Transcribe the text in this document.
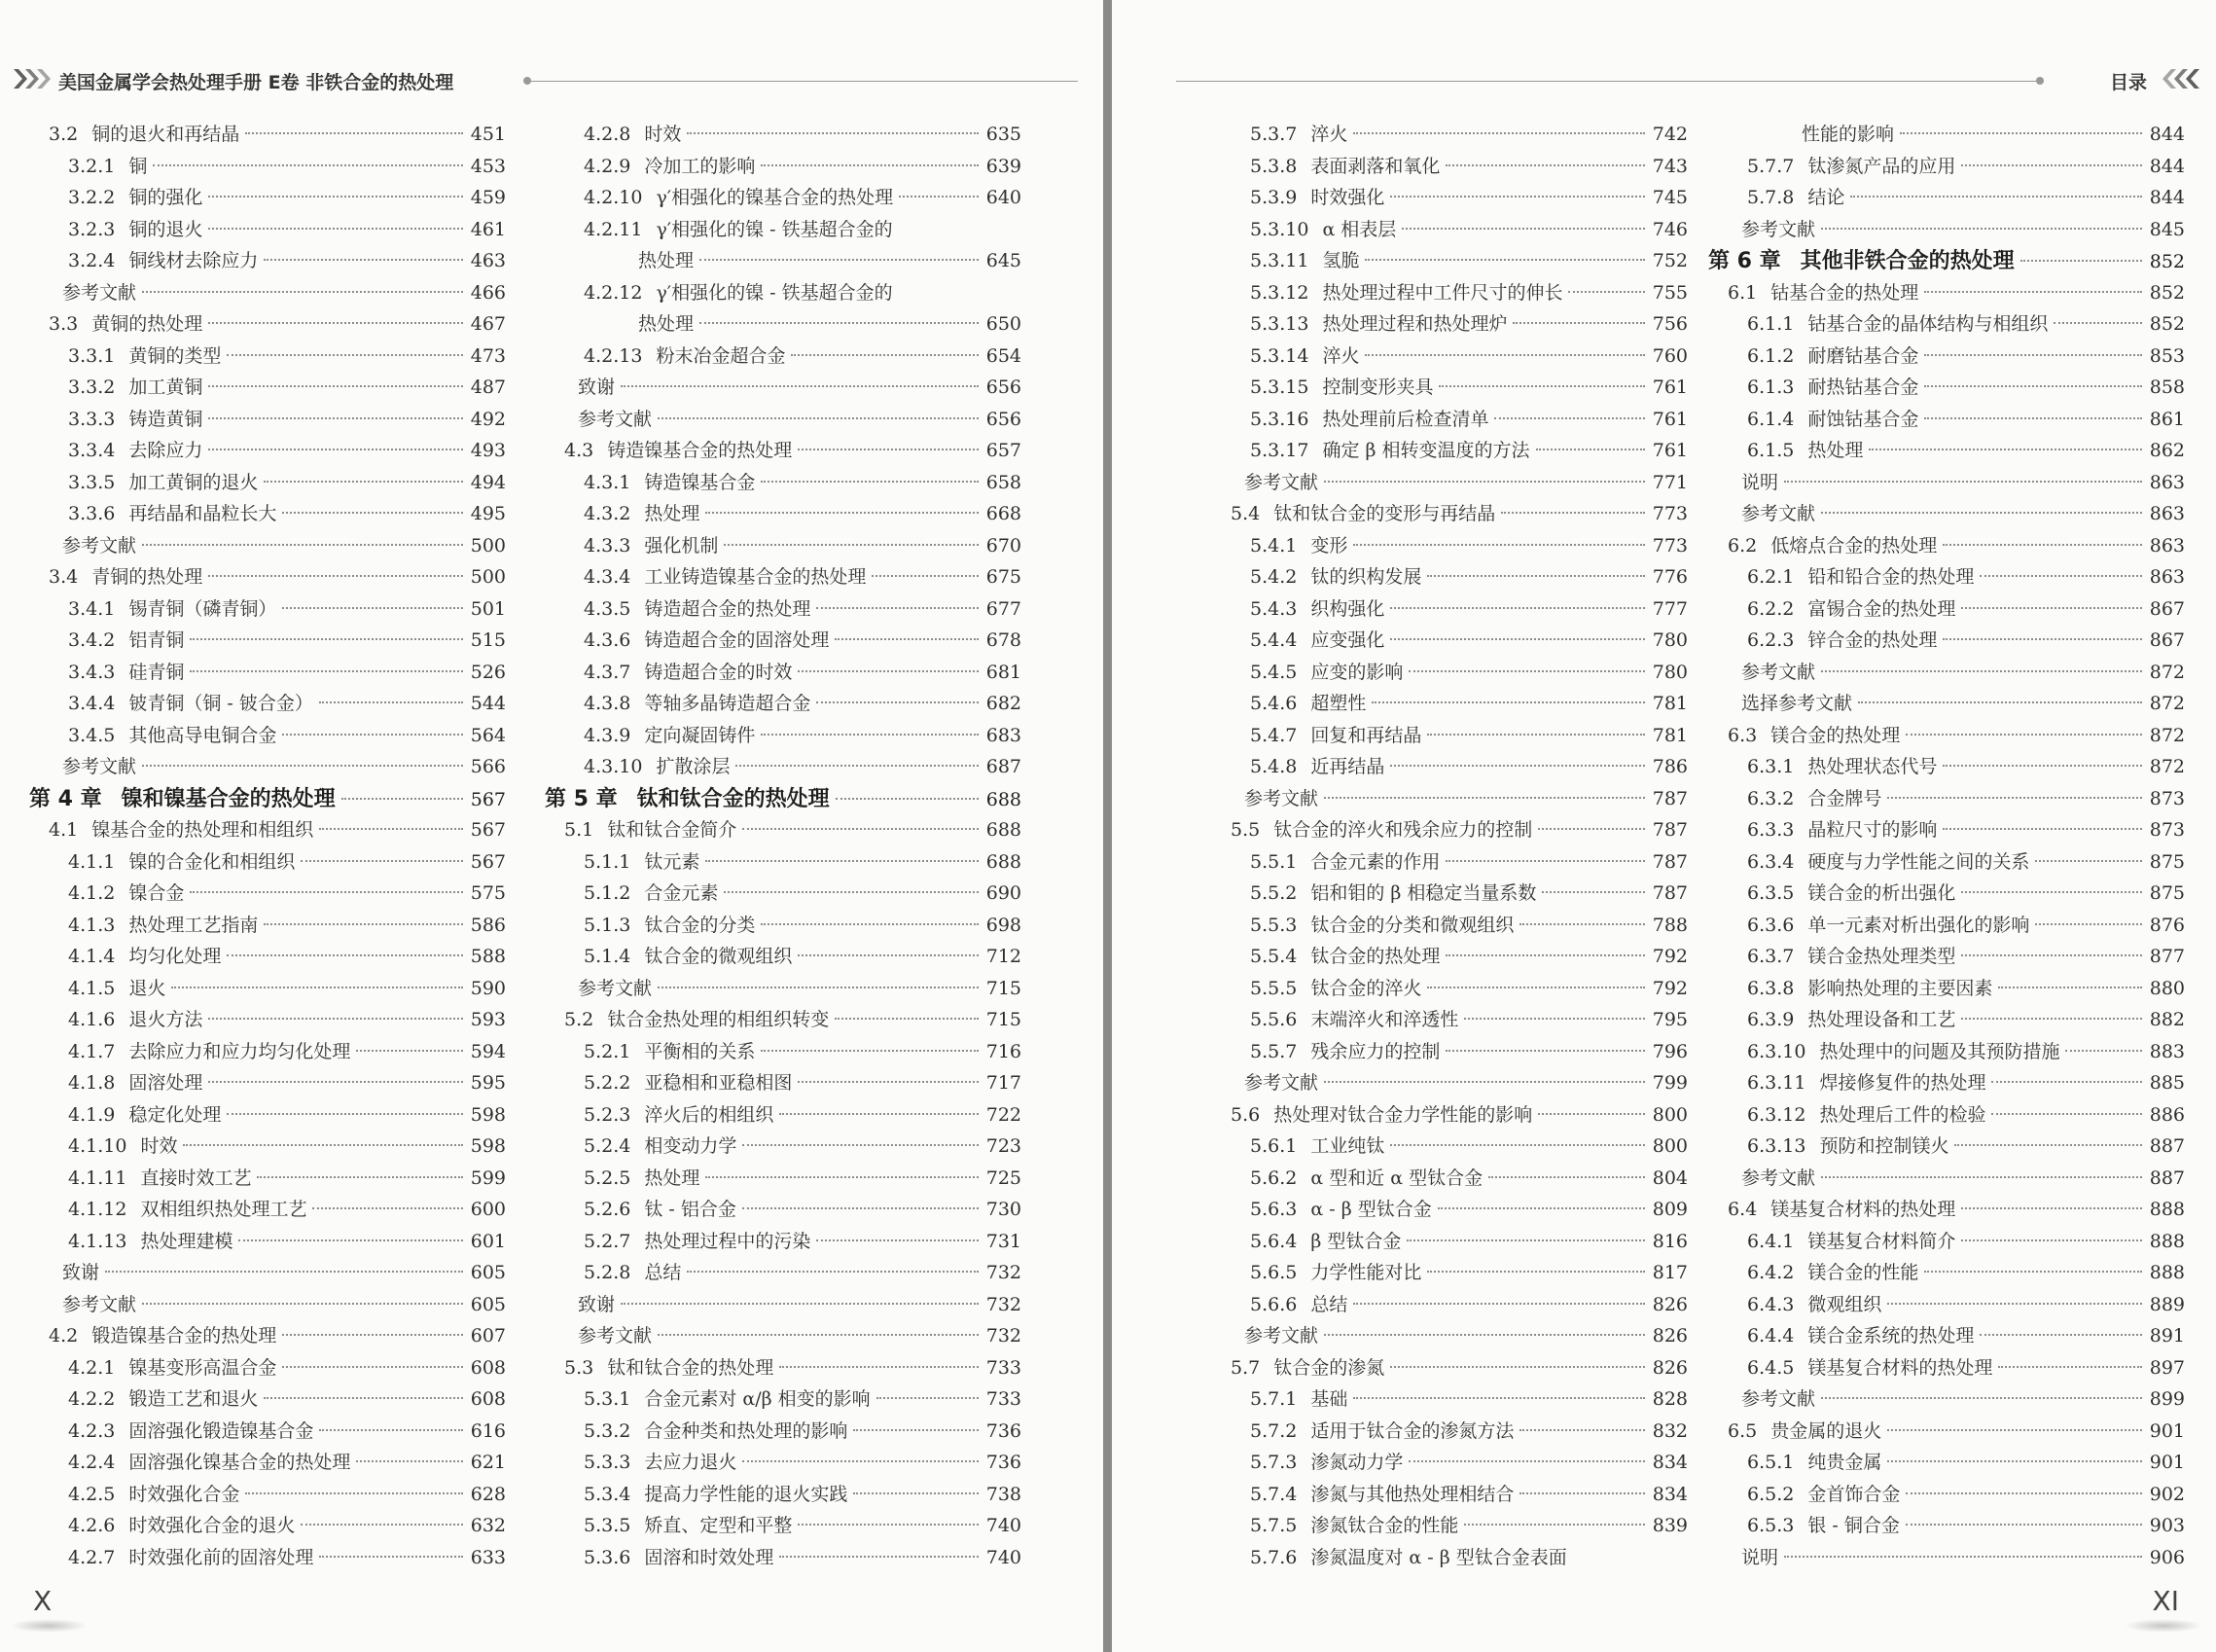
美国金属学会热处理手册 E卷 非铁合金的热处理
3.2 铜的退火和再结晶	451
3.2.1 铜	453
3.2.2 铜的强化	459
3.2.3 铜的退火	461
3.2.4 铜线材去除应力	463
参考文献	466
3.3 黄铜的热处理	467
3.3.1 黄铜的类型	473
3.3.2 加工黄铜	487
3.3.3 铸造黄铜	492
3.3.4 去除应力	493
3.3.5 加工黄铜的退火	494
3.3.6 再结晶和晶粒长大	495
参考文献	500
3.4 青铜的热处理	500
3.4.1 锡青铜（磷青铜）	501
3.4.2 铝青铜	515
3.4.3 硅青铜	526
3.4.4 铍青铜（铜 - 铍合金）	544
3.4.5 其他高导电铜合金	564
参考文献	566
第 4 章 镍和镍基合金的热处理	567
4.1 镍基合金的热处理和相组织	567
4.1.1 镍的合金化和相组织	567
4.1.2 镍合金	575
4.1.3 热处理工艺指南	586
4.1.4 均匀化处理	588
4.1.5 退火	590
4.1.6 退火方法	593
4.1.7 去除应力和应力均匀化处理	594
4.1.8 固溶处理	595
4.1.9 稳定化处理	598
4.1.10 时效	598
4.1.11 直接时效工艺	599
4.1.12 双相组织热处理工艺	600
4.1.13 热处理建模	601
致谢	605
参考文献	605
4.2 锻造镍基合金的热处理	607
4.2.1 镍基变形高温合金	608
4.2.2 锻造工艺和退火	608
4.2.3 固溶强化锻造镍基合金	616
4.2.4 固溶强化镍基合金的热处理	621
4.2.5 时效强化合金	628
4.2.6 时效强化合金的退火	632
4.2.7 时效强化前的固溶处理	633
4.2.8 时效	635
4.2.9 冷加工的影响	639
4.2.10 γ′相强化的镍基合金的热处理	640
4.2.11 γ′相强化的镍 - 铁基超合金的
热处理	645
4.2.12 γ′相强化的镍 - 铁基超合金的
热处理	650
4.2.13 粉末冶金超合金	654
致谢	656
参考文献	656
4.3 铸造镍基合金的热处理	657
4.3.1 铸造镍基合金	658
4.3.2 热处理	668
4.3.3 强化机制	670
4.3.4 工业铸造镍基合金的热处理	675
4.3.5 铸造超合金的热处理	677
4.3.6 铸造超合金的固溶处理	678
4.3.7 铸造超合金的时效	681
4.3.8 等轴多晶铸造超合金	682
4.3.9 定向凝固铸件	683
4.3.10 扩散涂层	687
第 5 章 钛和钛合金的热处理	688
5.1 钛和钛合金简介	688
5.1.1 钛元素	688
5.1.2 合金元素	690
5.1.3 钛合金的分类	698
5.1.4 钛合金的微观组织	712
参考文献	715
5.2 钛合金热处理的相组织转变	715
5.2.1 平衡相的关系	716
5.2.2 亚稳相和亚稳相图	717
5.2.3 淬火后的相组织	722
5.2.4 相变动力学	723
5.2.5 热处理	725
5.2.6 钛 - 铝合金	730
5.2.7 热处理过程中的污染	731
5.2.8 总结	732
致谢	732
参考文献	732
5.3 钛和钛合金的热处理	733
5.3.1 合金元素对 α/β 相变的影响	733
5.3.2 合金种类和热处理的影响	736
5.3.3 去应力退火	736
5.3.4 提高力学性能的退火实践	738
5.3.5 矫直、定型和平整	740
5.3.6 固溶和时效处理	740
X
目录
5.3.7 淬火	742
5.3.8 表面剥落和氧化	743
5.3.9 时效强化	745
5.3.10 α 相表层	746
5.3.11 氢脆	752
5.3.12 热处理过程中工件尺寸的伸长	755
5.3.13 热处理过程和热处理炉	756
5.3.14 淬火	760
5.3.15 控制变形夹具	761
5.3.16 热处理前后检查清单	761
5.3.17 确定 β 相转变温度的方法	761
参考文献	771
5.4 钛和钛合金的变形与再结晶	773
5.4.1 变形	773
5.4.2 钛的织构发展	776
5.4.3 织构强化	777
5.4.4 应变强化	780
5.4.5 应变的影响	780
5.4.6 超塑性	781
5.4.7 回复和再结晶	781
5.4.8 近再结晶	786
参考文献	787
5.5 钛合金的淬火和残余应力的控制	787
5.5.1 合金元素的作用	787
5.5.2 铝和钼的 β 相稳定当量系数	787
5.5.3 钛合金的分类和微观组织	788
5.5.4 钛合金的热处理	792
5.5.5 钛合金的淬火	792
5.5.6 末端淬火和淬透性	795
5.5.7 残余应力的控制	796
参考文献	799
5.6 热处理对钛合金力学性能的影响	800
5.6.1 工业纯钛	800
5.6.2 α 型和近 α 型钛合金	804
5.6.3 α - β 型钛合金	809
5.6.4 β 型钛合金	816
5.6.5 力学性能对比	817
5.6.6 总结	826
参考文献	826
5.7 钛合金的渗氮	826
5.7.1 基础	828
5.7.2 适用于钛合金的渗氮方法	832
5.7.3 渗氮动力学	834
5.7.4 渗氮与其他热处理相结合	834
5.7.5 渗氮钛合金的性能	839
5.7.6 渗氮温度对 α - β 型钛合金表面
性能的影响	844
5.7.7 钛渗氮产品的应用	844
5.7.8 结论	844
参考文献	845
第 6 章 其他非铁合金的热处理	852
6.1 钴基合金的热处理	852
6.1.1 钴基合金的晶体结构与相组织	852
6.1.2 耐磨钴基合金	853
6.1.3 耐热钴基合金	858
6.1.4 耐蚀钴基合金	861
6.1.5 热处理	862
说明	863
参考文献	863
6.2 低熔点合金的热处理	863
6.2.1 铅和铅合金的热处理	863
6.2.2 富锡合金的热处理	867
6.2.3 锌合金的热处理	867
参考文献	872
选择参考文献	872
6.3 镁合金的热处理	872
6.3.1 热处理状态代号	872
6.3.2 合金牌号	873
6.3.3 晶粒尺寸的影响	873
6.3.4 硬度与力学性能之间的关系	875
6.3.5 镁合金的析出强化	875
6.3.6 单一元素对析出强化的影响	876
6.3.7 镁合金热处理类型	877
6.3.8 影响热处理的主要因素	880
6.3.9 热处理设备和工艺	882
6.3.10 热处理中的问题及其预防措施	883
6.3.11 焊接修复件的热处理	885
6.3.12 热处理后工件的检验	886
6.3.13 预防和控制镁火	887
参考文献	887
6.4 镁基复合材料的热处理	888
6.4.1 镁基复合材料简介	888
6.4.2 镁合金的性能	888
6.4.3 微观组织	889
6.4.4 镁合金系统的热处理	891
6.4.5 镁基复合材料的热处理	897
参考文献	899
6.5 贵金属的退火	901
6.5.1 纯贵金属	901
6.5.2 金首饰合金	902
6.5.3 银 - 铜合金	903
说明	906
XI
